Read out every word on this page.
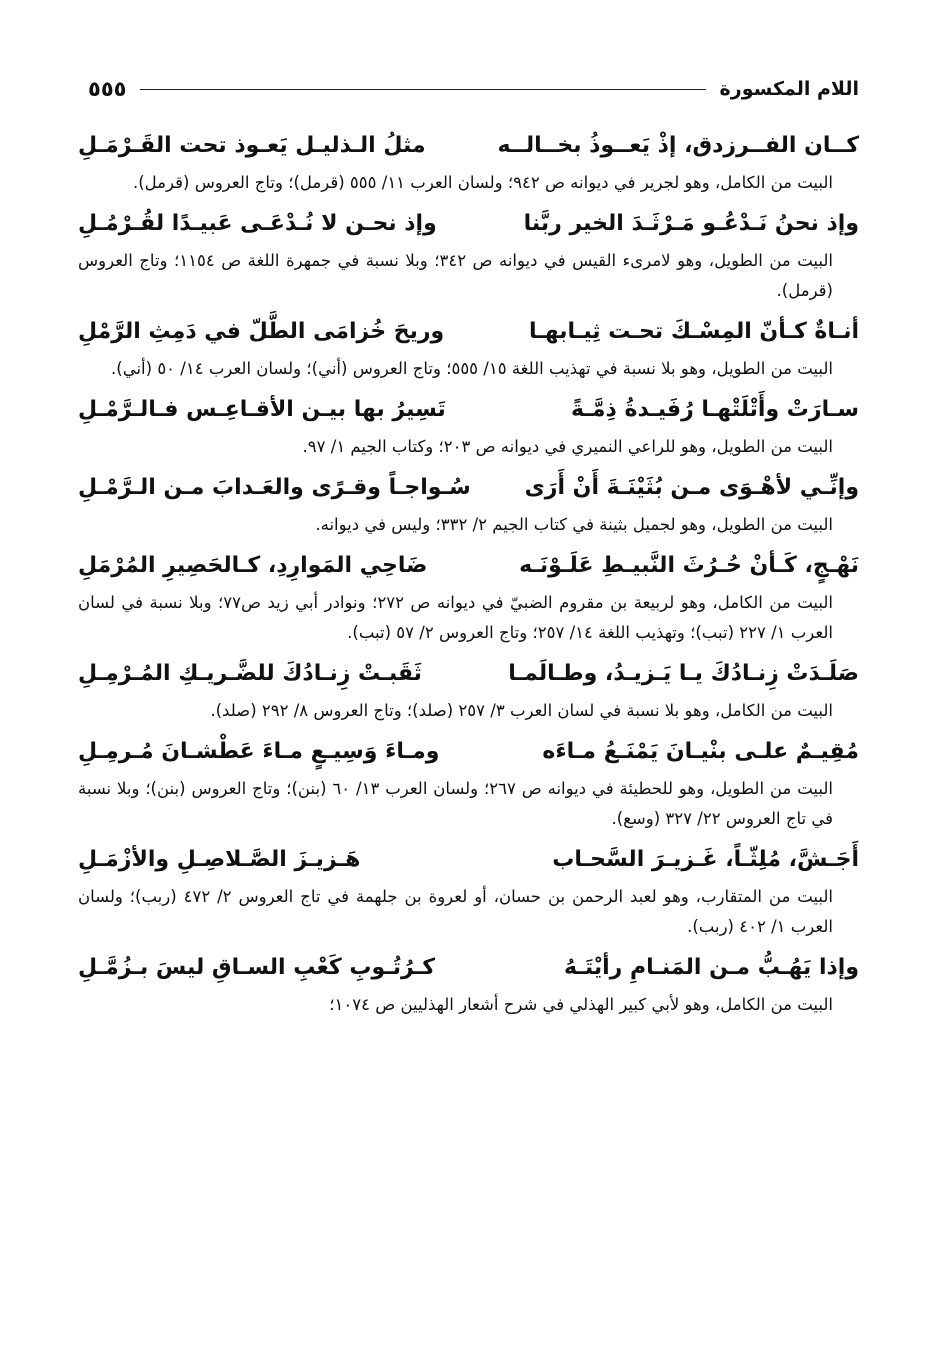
اللام المكسورة
٥٥٥
كــان الفــرزدق، إذْ يَعــوذُ بخــالــه
مثلُ الـذليـل يَعـوذ تحت القَـرْمَـلِ
البيت من الكامل، وهو لجرير في ديوانه ص ٩٤٢؛ ولسان العرب ١١/ ٥٥٥ (قرمل)؛ وتاج العروس (قرمل).
وإذ نحنُ نَـدْعُـو مَـرْثَـدَ الخير ربَّنا
وإذ نحـن لا نُـدْعَـى عَبيـدًا لقُـرْمُـلِ
البيت من الطويل، وهو لامرىء القيس في ديوانه ص ٣٤٢؛ وبلا نسبة في جمهرة اللغة ص ١١٥٤؛ وتاج العروس (قرمل).
أنـاةٌ كـأنّ المِسْـكَ تحـت ثِيـابهـا
وريحَ خُزامَى الطَّلّ في دَمِثِ الرَّمْلِ
البيت من الطويل، وهو بلا نسبة في تهذيب اللغة ١٥/ ٥٥٥؛ وتاج العروس (أني)؛ ولسان العرب ١٤/ ٥٠ (أني).
سـارَتْ وأَتْلَتْهـا رُفَيـدةُ ذِمَّـةً
تَسِيرُ بها بيـن الأقـاعِـس فـالـرَّمْـلِ
البيت من الطويل، وهو للراعي النميري في ديوانه ص ٢٠٣؛ وكتاب الجيم ١/ ٩٧.
وإنِّـي لأهْـوَى مـن بُثَيْنَـةَ أَنْ أَرَى
سُـواجـاً وقـرًى والعَـدابَ مـن الـرَّمْـلِ
البيت من الطويل، وهو لجميل بثينة في كتاب الجيم ٢/ ٣٣٢؛ وليس في ديوانه.
نَهْـجٍ، كَـأنْ حُـرُثَ النَّبيـطِ عَلَـوْنَـه
ضَاحِي المَوارِدِ، كـالحَصِيرِ المُرْمَلِ
البيت من الكامل، وهو لربيعة بن مقروم الضبيّ في ديوانه ص ٢٧٢؛ ونوادر أبي زيد ص٧٧؛ وبلا نسبة في لسان العرب ١/ ٢٢٧ (تبب)؛ وتهذيب اللغة ١٤/ ٢٥٧؛ وتاج العروس ٢/ ٥٧ (تبب).
صَلَـدَتْ زِنـادُكَ يـا يَـزيـدُ، وطـالَمـا
ثَقَبـتْ زِنـادُكَ للضَّـريـكِ المُـرْمِـلِ
البيت من الكامل، وهو بلا نسبة في لسان العرب ٣/ ٢٥٧ (صلد)؛ وتاج العروس ٨/ ٢٩٢ (صلد).
مُقِيـمٌ علـى بنْيـانَ يَمْنَـعُ مـاءَه
ومـاءَ وَسِيـعٍ مـاءَ عَطْشـانَ مُـرمِـلِ
البيت من الطويل، وهو للحطيئة في ديوانه ص ٢٦٧؛ ولسان العرب ١٣/ ٦٠ (بنن)؛ وتاج العروس (بنن)؛ وبلا نسبة في تاج العروس ٢٢/ ٣٢٧ (وسع).
أَجَـشَّ، مُلِثّـاً، غَـزيـرَ السَّحـاب
هَـزيـزَ الصَّـلاصِـلِ والأزْمَـلِ
البيت من المتقارب، وهو لعبد الرحمن بن حسان، أو لعروة بن جلهمة في تاج العروس ٢/ ٤٧٢ (ربب)؛ ولسان العرب ١/ ٤٠٢ (ربب).
وإذا يَهُـبُّ مـن المَنـامِ رأيْتَـهُ
كـرُتُـوبِ كَعْبِ السـاقِ ليسَ بـزُمَّـلِ
البيت من الكامل، وهو لأبي كبير الهذلي في شرح أشعار الهذليين ص ١٠٧٤؛
